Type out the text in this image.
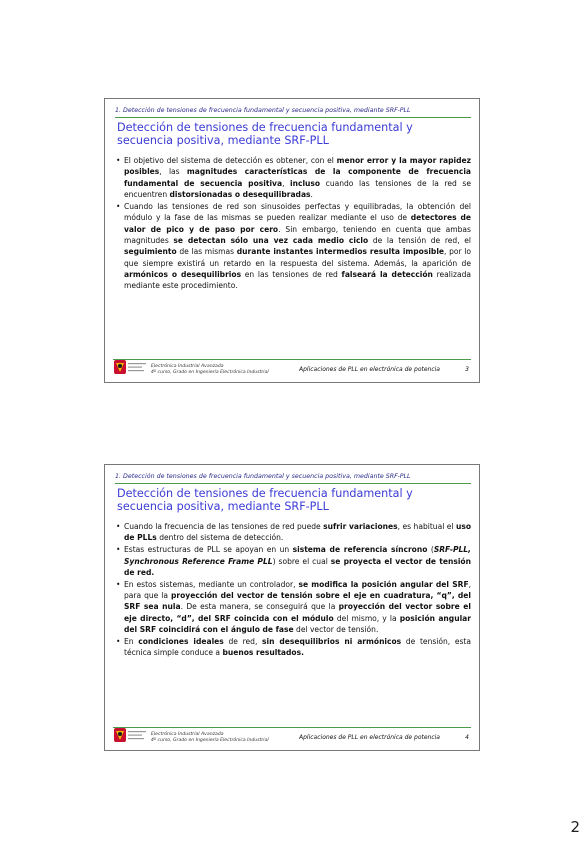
1. Detección de tensiones de frecuencia fundamental y secuencia positiva, mediante SRF-PLL
Detección de tensiones de frecuencia fundamental y secuencia positiva, mediante SRF-PLL
• El objetivo del sistema de detección es obtener, con el menor error y la mayor rapidez posibles, las magnitudes características de la componente de frecuencia fundamental de secuencia positiva, incluso cuando las tensiones de la red se encuentren distorsionadas o desequilibradas.
• Cuando las tensiones de red son sinusoides perfectas y equilibradas, la obtención del módulo y la fase de las mismas se pueden realizar mediante el uso de detectores de valor de pico y de paso por cero. Sin embargo, teniendo en cuenta que ambas magnitudes se detectan sólo una vez cada medio ciclo de la tensión de red, el seguimiento de las mismas durante instantes intermedios resulta imposible, por lo que siempre existirá un retardo en la respuesta del sistema. Además, la aparición de armónicos o desequilibrios en las tensiones de red falseará la detección realizada mediante este procedimiento.
Electrónica Industrial Avanzada
4º curso, Grado en Ingeniería Electrónica Industrial	Aplicaciones de PLL en electrónica de potencia	3
1. Detección de tensiones de frecuencia fundamental y secuencia positiva, mediante SRF-PLL
Detección de tensiones de frecuencia fundamental y secuencia positiva, mediante SRF-PLL
• Cuando la frecuencia de las tensiones de red puede sufrir variaciones, es habitual el uso de PLLs dentro del sistema de detección.
• Estas estructuras de PLL se apoyan en un sistema de referencia síncrono (SRF-PLL, Synchronous Reference Frame PLL) sobre el cual se proyecta el vector de tensión de red.
• En estos sistemas, mediante un controlador, se modifica la posición angular del SRF, para que la proyección del vector de tensión sobre el eje en cuadratura, “q”, del SRF sea nula. De esta manera, se conseguirá que la proyección del vector sobre el eje directo, “d”, del SRF coincida con el módulo del mismo, y la posición angular del SRF coincidirá con el ángulo de fase del vector de tensión.
• En condiciones ideales de red, sin desequilibrios ni armónicos de tensión, esta técnica simple conduce a buenos resultados.
Electrónica Industrial Avanzada
4º curso, Grado en Ingeniería Electrónica Industrial	Aplicaciones de PLL en electrónica de potencia	4
2
